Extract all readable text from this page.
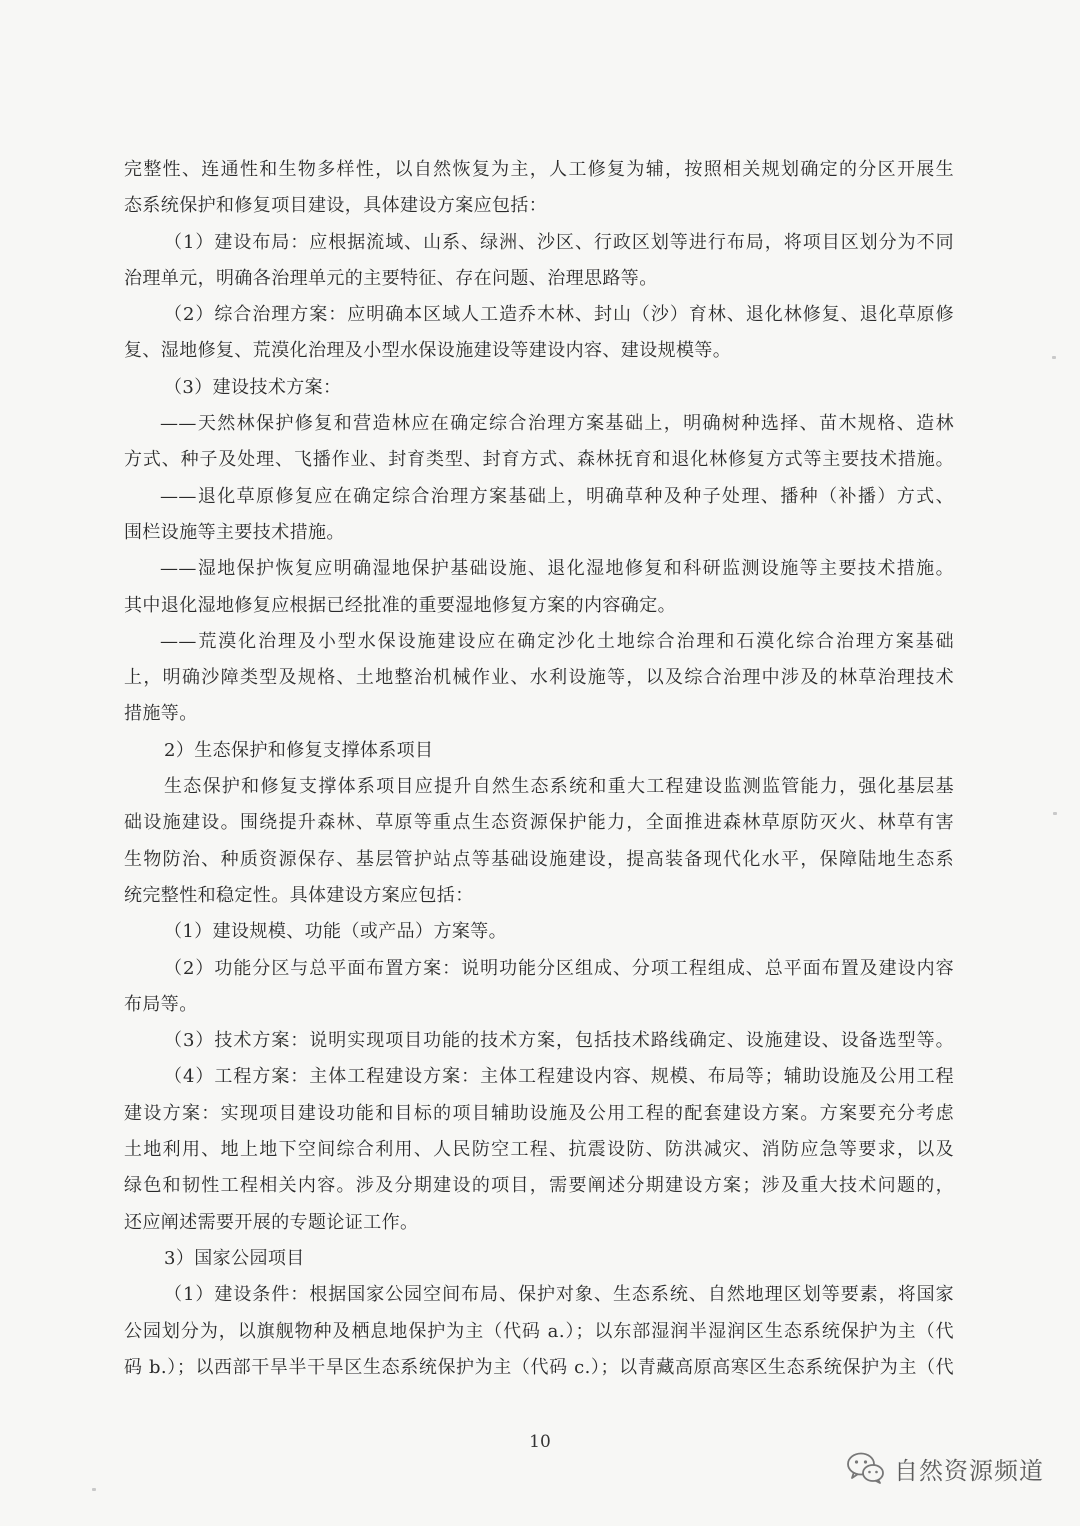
完整性、连通性和生物多样性，以自然恢复为主，人工修复为辅，按照相关规划确定的分区开展生
态系统保护和修复项目建设，具体建设方案应包括：
（1）建设布局：应根据流域、山系、绿洲、沙区、行政区划等进行布局，将项目区划分为不同
治理单元，明确各治理单元的主要特征、存在问题、治理思路等。
（2）综合治理方案：应明确本区域人工造乔木林、封山（沙）育林、退化林修复、退化草原修
复、湿地修复、荒漠化治理及小型水保设施建设等建设内容、建设规模等。
（3）建设技术方案：
——天然林保护修复和营造林应在确定综合治理方案基础上，明确树种选择、苗木规格、造林
方式、种子及处理、飞播作业、封育类型、封育方式、森林抚育和退化林修复方式等主要技术措施。
——退化草原修复应在确定综合治理方案基础上，明确草种及种子处理、播种（补播）方式、
围栏设施等主要技术措施。
——湿地保护恢复应明确湿地保护基础设施、退化湿地修复和科研监测设施等主要技术措施。
其中退化湿地修复应根据已经批准的重要湿地修复方案的内容确定。
——荒漠化治理及小型水保设施建设应在确定沙化土地综合治理和石漠化综合治理方案基础
上，明确沙障类型及规格、土地整治机械作业、水利设施等，以及综合治理中涉及的林草治理技术
措施等。
2）生态保护和修复支撑体系项目
生态保护和修复支撑体系项目应提升自然生态系统和重大工程建设监测监管能力，强化基层基
础设施建设。围绕提升森林、草原等重点生态资源保护能力，全面推进森林草原防灭火、林草有害
生物防治、种质资源保存、基层管护站点等基础设施建设，提高装备现代化水平，保障陆地生态系
统完整性和稳定性。具体建设方案应包括：
（1）建设规模、功能（或产品）方案等。
（2）功能分区与总平面布置方案：说明功能分区组成、分项工程组成、总平面布置及建设内容
布局等。
（3）技术方案：说明实现项目功能的技术方案，包括技术路线确定、设施建设、设备选型等。
（4）工程方案：主体工程建设方案：主体工程建设内容、规模、布局等；辅助设施及公用工程
建设方案：实现项目建设功能和目标的项目辅助设施及公用工程的配套建设方案。方案要充分考虑
土地利用、地上地下空间综合利用、人民防空工程、抗震设防、防洪减灾、消防应急等要求，以及
绿色和韧性工程相关内容。涉及分期建设的项目，需要阐述分期建设方案；涉及重大技术问题的，
还应阐述需要开展的专题论证工作。
3）国家公园项目
（1）建设条件：根据国家公园空间布局、保护对象、生态系统、自然地理区划等要素，将国家
公园划分为，以旗舰物种及栖息地保护为主（代码 a.）；以东部湿润半湿润区生态系统保护为主（代
码 b.）；以西部干旱半干旱区生态系统保护为主（代码 c.）；以青藏高原高寒区生态系统保护为主（代
10
自然资源频道
